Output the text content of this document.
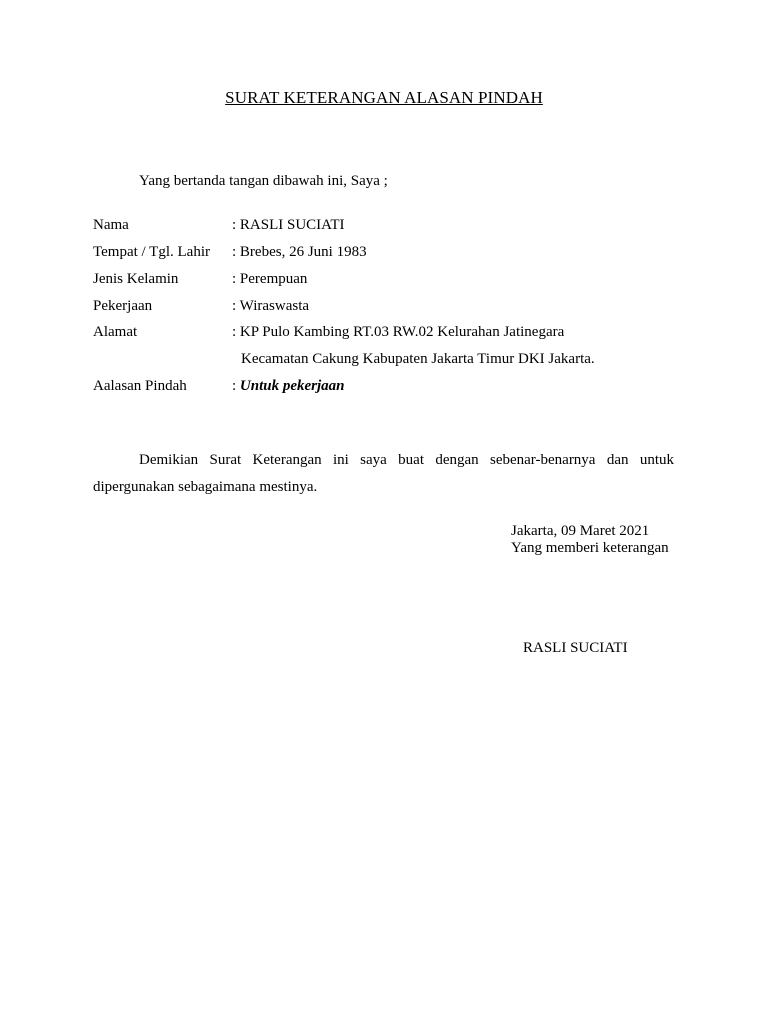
SURAT KETERANGAN ALASAN PINDAH
Yang bertanda tangan dibawah ini, Saya ;
Nama	: RASLI SUCIATI
Tempat / Tgl. Lahir : Brebes, 26 Juni 1983
Jenis Kelamin	: Perempuan
Pekerjaan	: Wiraswasta
Alamat	: KP Pulo Kambing RT.03 RW.02 Kelurahan Jatinegara
Kecamatan Cakung Kabupaten Jakarta Timur DKI Jakarta.
Aalasan Pindah	: Untuk pekerjaan

Demikian Surat Keterangan ini saya buat dengan sebenar-benarnya dan untuk dipergunakan sebagaimana mestinya.

Jakarta, 09 Maret 2021
Yang memberi keterangan
RASLI SUCIATI
